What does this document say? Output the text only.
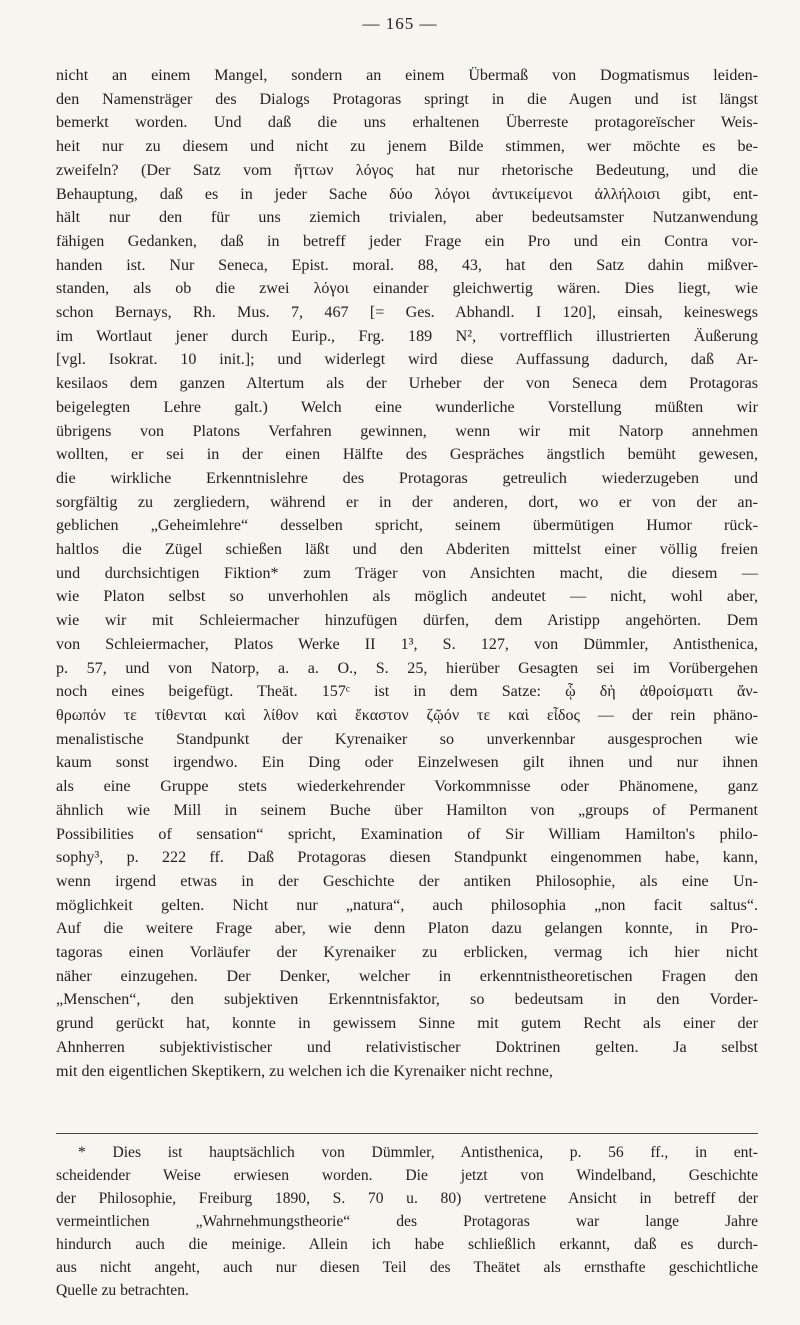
— 165 —
nicht an einem Mangel, sondern an einem Übermaß von Dogmatismus leiden-
den Namensträger des Dialogs Protagoras springt in die Augen und ist längst
bemerkt worden. Und daß die uns erhaltenen Überreste protagoreïscher Weis-
heit nur zu diesem und nicht zu jenem Bilde stimmen, wer möchte es be-
zweifeln? (Der Satz vom ἥττων λόγος hat nur rhetorische Bedeutung, und die
Behauptung, daß es in jeder Sache δύο λόγοι ἀντικείμενοι ἀλλήλοισι gibt, ent-
hält nur den für uns ziemich trivialen, aber bedeutsamster Nutzanwendung
fähigen Gedanken, daß in betreff jeder Frage ein Pro und ein Contra vor-
handen ist. Nur Seneca, Epist. moral. 88, 43, hat den Satz dahin mißver-
standen, als ob die zwei λόγοι einander gleichwertig wären. Dies liegt, wie
schon Bernays, Rh. Mus. 7, 467 [= Ges. Abhandl. I 120], einsah, keineswegs
im Wortlaut jener durch Eurip., Frg. 189 N², vortrefflich illustrierten Äußerung
[vgl. Isokrat. 10 init.]; und widerlegt wird diese Auffassung dadurch, daß Ar-
kesilaos dem ganzen Altertum als der Urheber der von Seneca dem Protagoras
beigelegten Lehre galt.) Welch eine wunderliche Vorstellung müßten wir
übrigens von Platons Verfahren gewinnen, wenn wir mit Natorp annehmen
wollten, er sei in der einen Hälfte des Gespräches ängstlich bemüht gewesen,
die wirkliche Erkenntnislehre des Protagoras getreulich wiederzugeben und
sorgfältig zu zergliedern, während er in der anderen, dort, wo er von der an-
geblichen „Geheimlehre“ desselben spricht, seinem übermütigen Humor rück-
haltlos die Zügel schießen läßt und den Abderiten mittelst einer völlig freien
und durchsichtigen Fiktion* zum Träger von Ansichten macht, die diesem —
wie Platon selbst so unverhohlen als möglich andeutet — nicht, wohl aber,
wie wir mit Schleiermacher hinzufügen dürfen, dem Aristipp angehörten. Dem
von Schleiermacher, Platos Werke II 1³, S. 127, von Dümmler, Antisthenica,
p. 57, und von Natorp, a. a. O., S. 25, hierüber Gesagten sei im Vorübergehen
noch eines beigefügt. Theät. 157ᶜ ist in dem Satze: ᾧ δὴ ἀθροίσματι ἄν-
θρωπόν τε τίθενται καὶ λίθον καὶ ἕκαστον ζῷόν τε καὶ εἶδος — der rein phäno-
menalistische Standpunkt der Kyrenaiker so unverkennbar ausgesprochen wie
kaum sonst irgendwo. Ein Ding oder Einzelwesen gilt ihnen und nur ihnen
als eine Gruppe stets wiederkehrender Vorkommnisse oder Phänomene, ganz
ähnlich wie Mill in seinem Buche über Hamilton von „groups of Permanent
Possibilities of sensation“ spricht, Examination of Sir William Hamilton's philo-
sophy³, p. 222 ff. Daß Protagoras diesen Standpunkt eingenommen habe, kann,
wenn irgend etwas in der Geschichte der antiken Philosophie, als eine Un-
möglichkeit gelten. Nicht nur „natura“, auch philosophia „non facit saltus“.
Auf die weitere Frage aber, wie denn Platon dazu gelangen konnte, in Pro-
tagoras einen Vorläufer der Kyrenaiker zu erblicken, vermag ich hier nicht
näher einzugehen. Der Denker, welcher in erkenntnistheoretischen Fragen den
„Menschen“, den subjektiven Erkenntnisfaktor, so bedeutsam in den Vorder-
grund gerückt hat, konnte in gewissem Sinne mit gutem Recht als einer der
Ahnherren subjektivistischer und relativistischer Doktrinen gelten. Ja selbst
mit den eigentlichen Skeptikern, zu welchen ich die Kyrenaiker nicht rechne,
* Dies ist hauptsächlich von Dümmler, Antisthenica, p. 56 ff., in ent-
scheidender Weise erwiesen worden. Die jetzt von Windelband, Geschichte
der Philosophie, Freiburg 1890, S. 70 u. 80) vertretene Ansicht in betreff der
vermeintlichen „Wahrnehmungstheorie“ des Protagoras war lange Jahre
hindurch auch die meinige. Allein ich habe schließlich erkannt, daß es durch-
aus nicht angeht, auch nur diesen Teil des Theätet als ernsthafte geschichtliche
Quelle zu betrachten.
